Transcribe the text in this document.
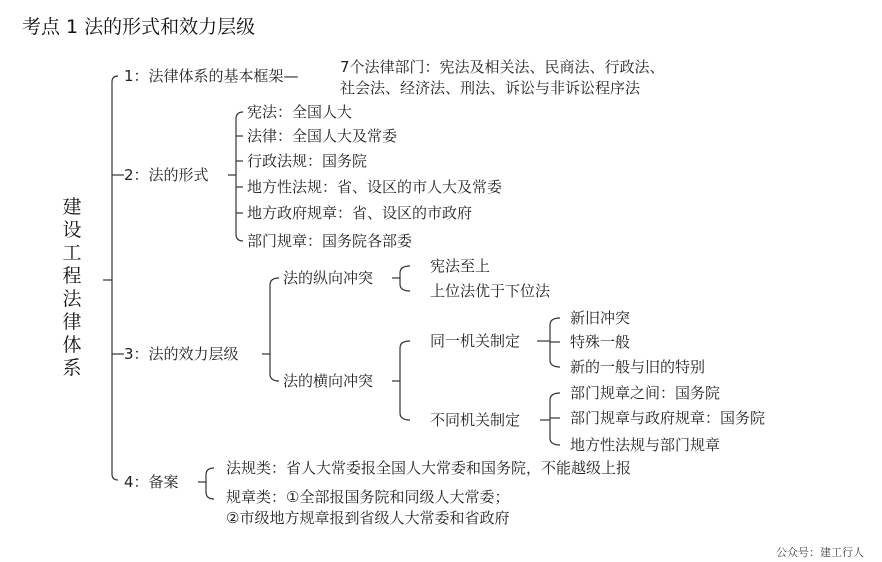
考点 1 法的形式和效力层级
建
设
工
程
法
律
体
系
1：法律体系的基本框架—	7个法律部门：宪法及相关法、民商法、行政法、
社会法、经济法、刑法、诉讼与非诉讼程序法
2：法的形式
宪法：全国人大
法律：全国人大及常委
行政法规：国务院
地方性法规：省、设区的市人大及常委
地方政府规章：省、设区的市政府
部门规章：国务院各部委
3：法的效力层级
法的纵向冲突
宪法至上
上位法优于下位法
法的横向冲突
同一机关制定
新旧冲突
特殊一般
新的一般与旧的特别
不同机关制定
部门规章之间：国务院
部门规章与政府规章：国务院
地方性法规与部门规章
4：备案
法规类：省人大常委报全国人大常委和国务院，不能越级上报
规章类：①全部报国务院和同级人大常委；
②市级地方规章报到省级人大常委和省政府
公众号：建工行人
